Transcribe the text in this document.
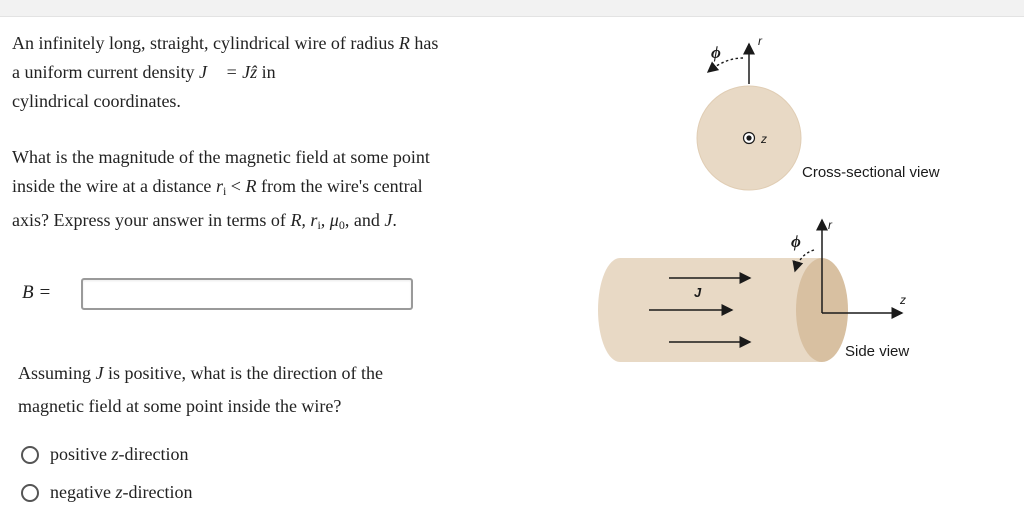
An infinitely long, straight, cylindrical wire of radius R has
a uniform current density J⃗ = Jẑ in
cylindrical coordinates.
What is the magnitude of the magnetic field at some point
inside the wire at a distance $r_i < R$ from the wire's central
axis? Express your answer in terms of R, $r_i$, $\mu_0$, and J.
B =
Assuming J is positive, what is the direction of the
magnetic field at some point inside the wire?
positive z-direction
negative z-direction
ϕ
r
z
ϕ
r
z
J
Cross-sectional view
Side view
